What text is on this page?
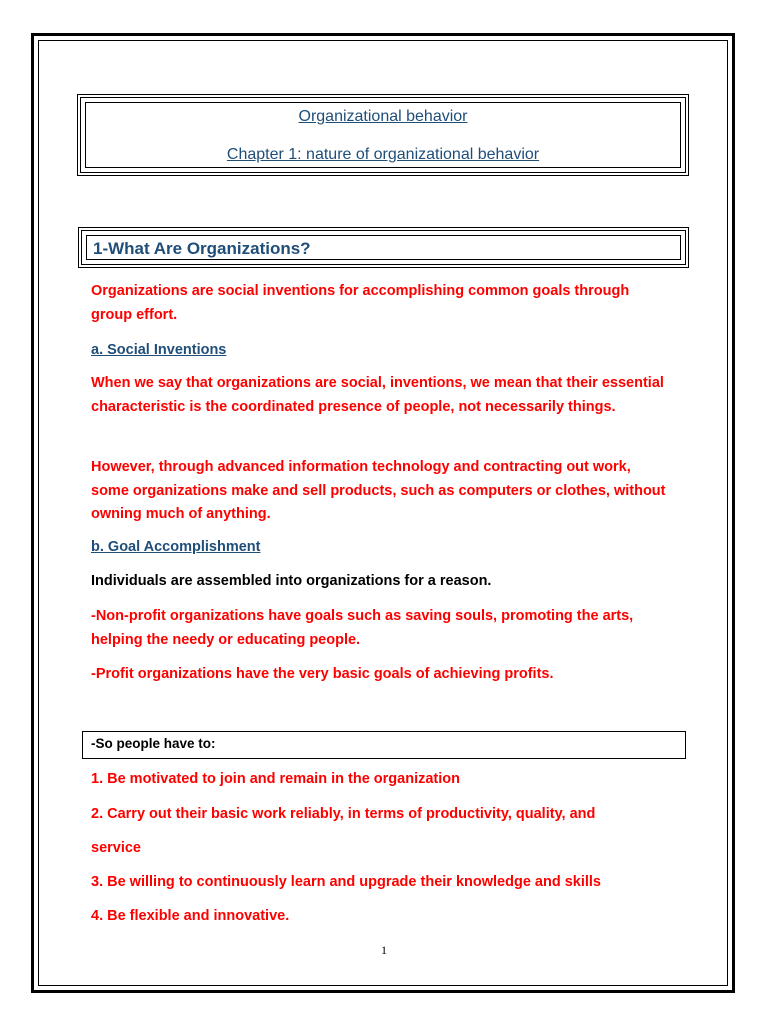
Organizational behavior
Chapter 1: nature of organizational behavior
1-What Are Organizations?

Organizations are social inventions for accomplishing common goals through group effort.

a. Social Inventions

When we say that organizations are social, inventions, we mean that their essential characteristic is the coordinated presence of people, not necessarily things.

However, through advanced information technology and contracting out work, some organizations make and sell products, such as computers or clothes, without owning much of anything.

b. Goal Accomplishment

Individuals are assembled into organizations for a reason.

-Non-profit organizations have goals such as saving souls, promoting the arts, helping the needy or educating people.

-Profit organizations have the very basic goals of achieving profits.

-So people have to:

1. Be motivated to join and remain in the organization

2. Carry out their basic work reliably, in terms of productivity, quality, and

service

3. Be willing to continuously learn and upgrade their knowledge and skills

4. Be flexible and innovative.

1
